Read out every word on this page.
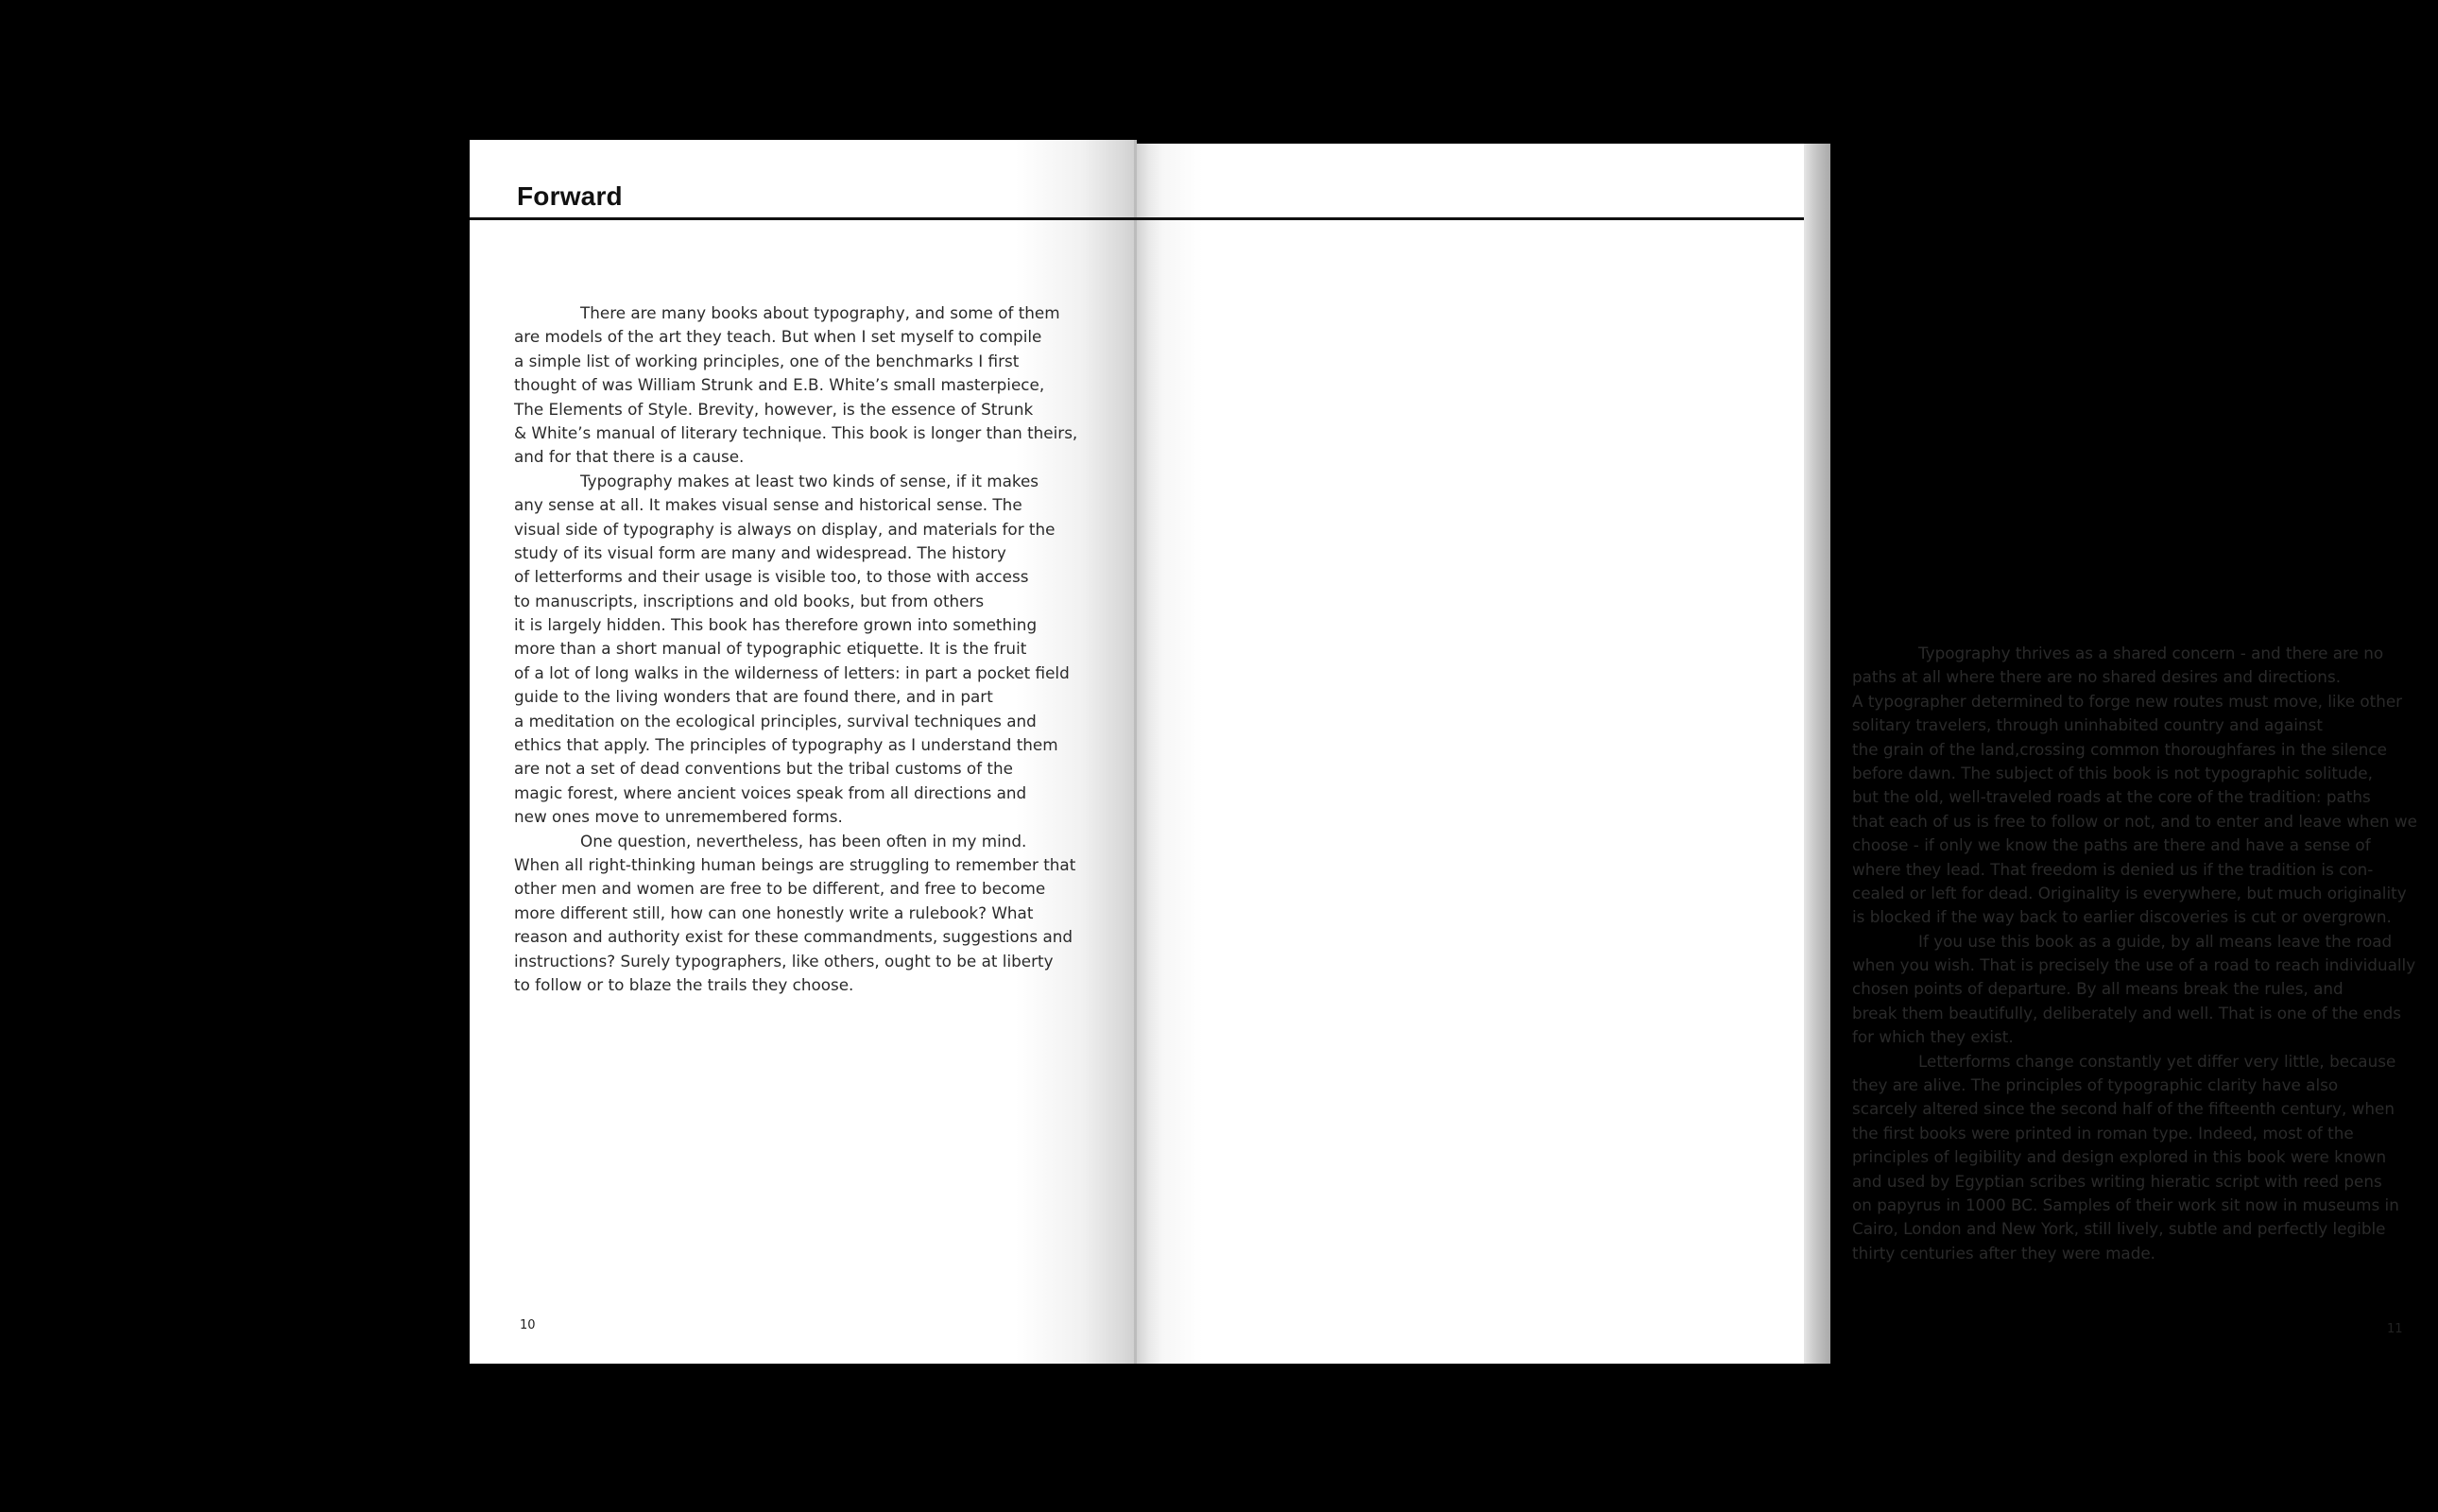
There are many books about typography, and some of them
are models of the art they teach. But when I set myself to compile
a simple list of working principles, one of the benchmarks I first
thought of was William Strunk and E.B. White’s small masterpiece,
The Elements of Style. Brevity, however, is the essence of Strunk
& White’s manual of literary technique. This book is longer than theirs,
and for that there is a cause.
Typography makes at least two kinds of sense, if it makes
any sense at all. It makes visual sense and historical sense. The
visual side of typography is always on display, and materials for the
study of its visual form are many and widespread. The history
of letterforms and their usage is visible too, to those with access
to manuscripts, inscriptions and old books, but from others
it is largely hidden. This book has therefore grown into something
more than a short manual of typographic etiquette. It is the fruit
of a lot of long walks in the wilderness of letters: in part a pocket field
guide to the living wonders that are found there, and in part
a meditation on the ecological principles, survival techniques and
ethics that apply. The principles of typography as I understand them
are not a set of dead conventions but the tribal customs of the
magic forest, where ancient voices speak from all directions and
new ones move to unremembered forms.
One question, nevertheless, has been often in my mind.
When all right-thinking human beings are struggling to remember that
other men and women are free to be different, and free to become
more different still, how can one honestly write a rulebook? What
reason and authority exist for these commandments, suggestions and
instructions? Surely typographers, like others, ought to be at liberty
to follow or to blaze the trails they choose.
10
Typography thrives as a shared concern - and there are no
paths at all where there are no shared desires and directions.
A typographer determined to forge new routes must move, like other
solitary travelers, through uninhabited country and against
the grain of the land,crossing common thoroughfares in the silence
before dawn. The subject of this book is not typographic solitude,
but the old, well-traveled roads at the core of the tradition: paths
that each of us is free to follow or not, and to enter and leave when we
choose - if only we know the paths are there and have a sense of
where they lead. That freedom is denied us if the tradition is con-
cealed or left for dead. Originality is everywhere, but much originality
is blocked if the way back to earlier discoveries is cut or overgrown.
If you use this book as a guide, by all means leave the road
when you wish. That is precisely the use of a road to reach individually
chosen points of departure. By all means break the rules, and
break them beautifully, deliberately and well. That is one of the ends
for which they exist.
Letterforms change constantly yet differ very little, because
they are alive. The principles of typographic clarity have also
scarcely altered since the second half of the fifteenth century, when
the first books were printed in roman type. Indeed, most of the
principles of legibility and design explored in this book were known
and used by Egyptian scribes writing hieratic script with reed pens
on papyrus in 1000 BC. Samples of their work sit now in museums in
Cairo, London and New York, still lively, subtle and perfectly legible
thirty centuries after they were made.
11
Forward
